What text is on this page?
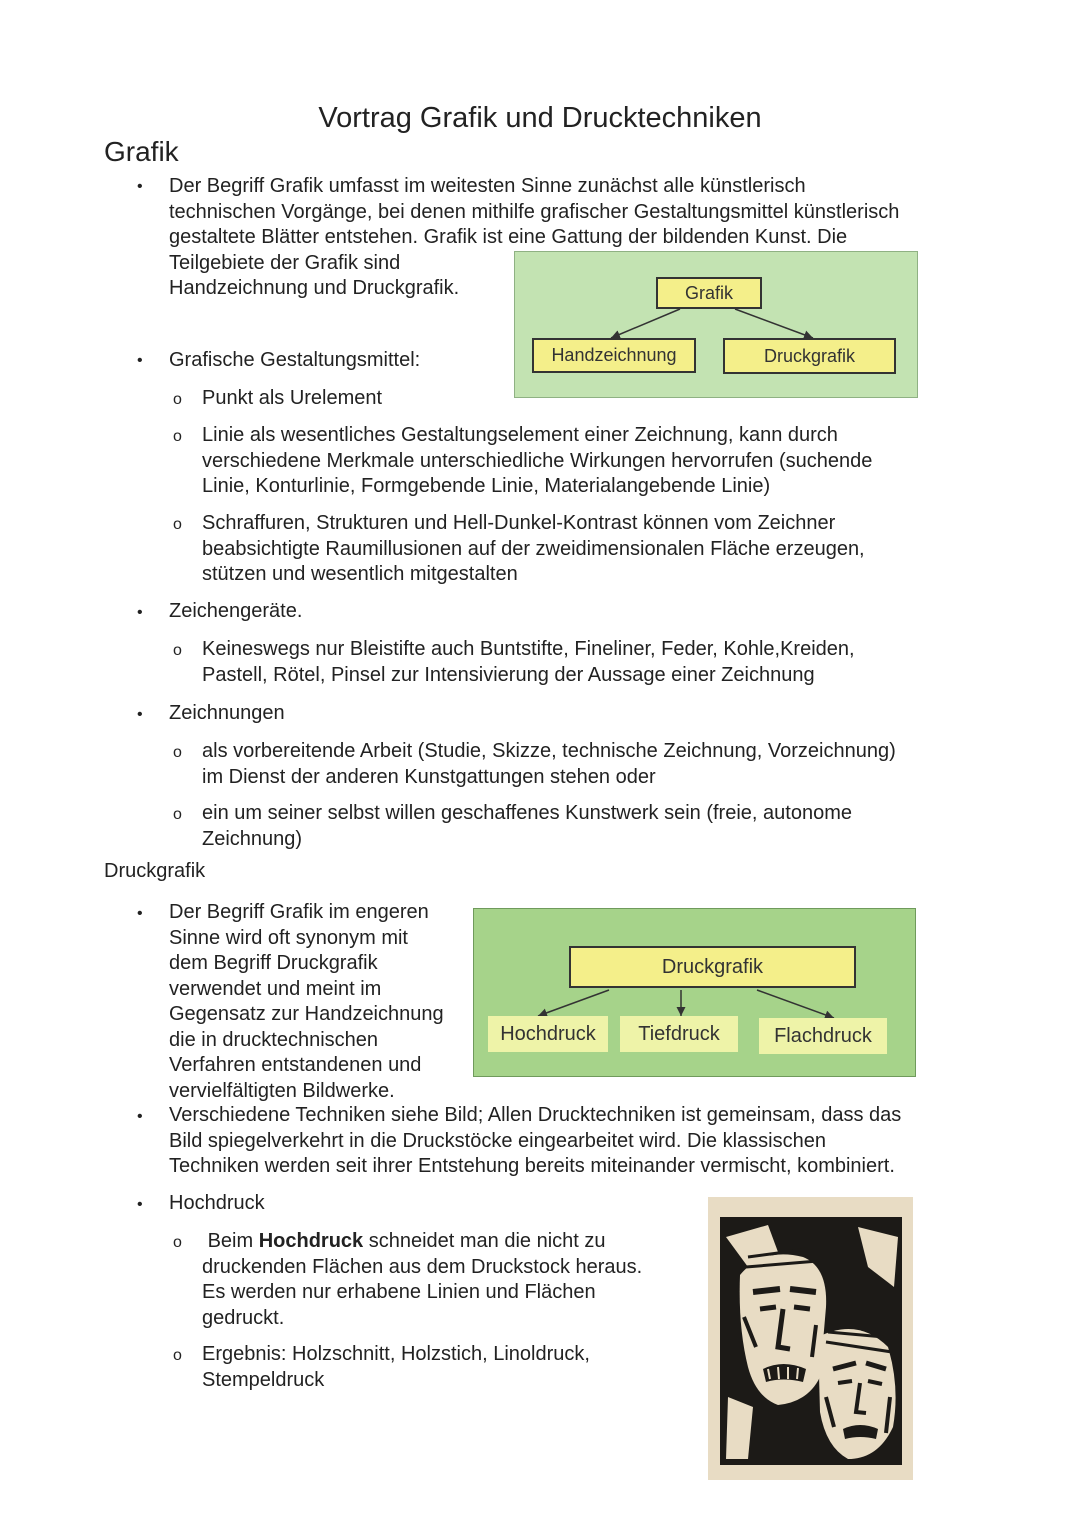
Vortrag Grafik und Drucktechniken
Grafik
•	Der Begriff Grafik umfasst im weitesten Sinne zunächst alle künstlerisch
technischen Vorgänge, bei denen mithilfe grafischer Gestaltungsmittel künstlerisch
gestaltete Blätter entstehen. Grafik ist eine Gattung der bildenden Kunst. Die
Teilgebiete der Grafik sind
Handzeichnung und Druckgrafik.	Grafik
Handzeichnung	Druckgrafik
•	Grafische Gestaltungsmittel:
o Punkt als Urelement
o Linie als wesentliches Gestaltungselement einer Zeichnung, kann durch
verschiedene Merkmale unterschiedliche Wirkungen hervorrufen (suchende
Linie, Konturlinie, Formgebende Linie, Materialangebende Linie)
o Schraffuren, Strukturen und Hell-Dunkel-Kontrast können vom Zeichner
beabsichtigte Raumillusionen auf der zweidimensionalen Fläche erzeugen,
stützen und wesentlich mitgestalten
•	Zeichengeräte.
o Keineswegs nur Bleistifte auch Buntstifte, Fineliner, Feder, Kohle,Kreiden,
Pastell, Rötel, Pinsel zur Intensivierung der Aussage einer Zeichnung
•	Zeichnungen
o als vorbereitende Arbeit (Studie, Skizze, technische Zeichnung, Vorzeichnung)
im Dienst der anderen Kunstgattungen stehen oder
o ein um seiner selbst willen geschaffenes Kunstwerk sein (freie, autonome
Zeichnung)
Druckgrafik
•	Der Begriff Grafik im engeren
Sinne wird oft synonym mit
dem Begriff Druckgrafik
verwendet und meint im
Gegensatz zur Handzeichnung
die in drucktechnischen
Verfahren entstandenen und
vervielfältigten Bildwerke.
Druckgrafik
Hochdruck	Tiefdruck	Flachdruck
•	Verschiedene Techniken siehe Bild; Allen Drucktechniken ist gemeinsam, dass das
Bild spiegelverkehrt in die Druckstöcke eingearbeitet wird. Die klassischen
Techniken werden seit ihrer Entstehung bereits miteinander vermischt, kombiniert.
•	Hochdruck
o Beim Hochdruck schneidet man die nicht zu
druckenden Flächen aus dem Druckstock heraus.
Es werden nur erhabene Linien und Flächen
gedruckt.
o Ergebnis: Holzschnitt, Holzstich, Linoldruck,
Stempeldruck
